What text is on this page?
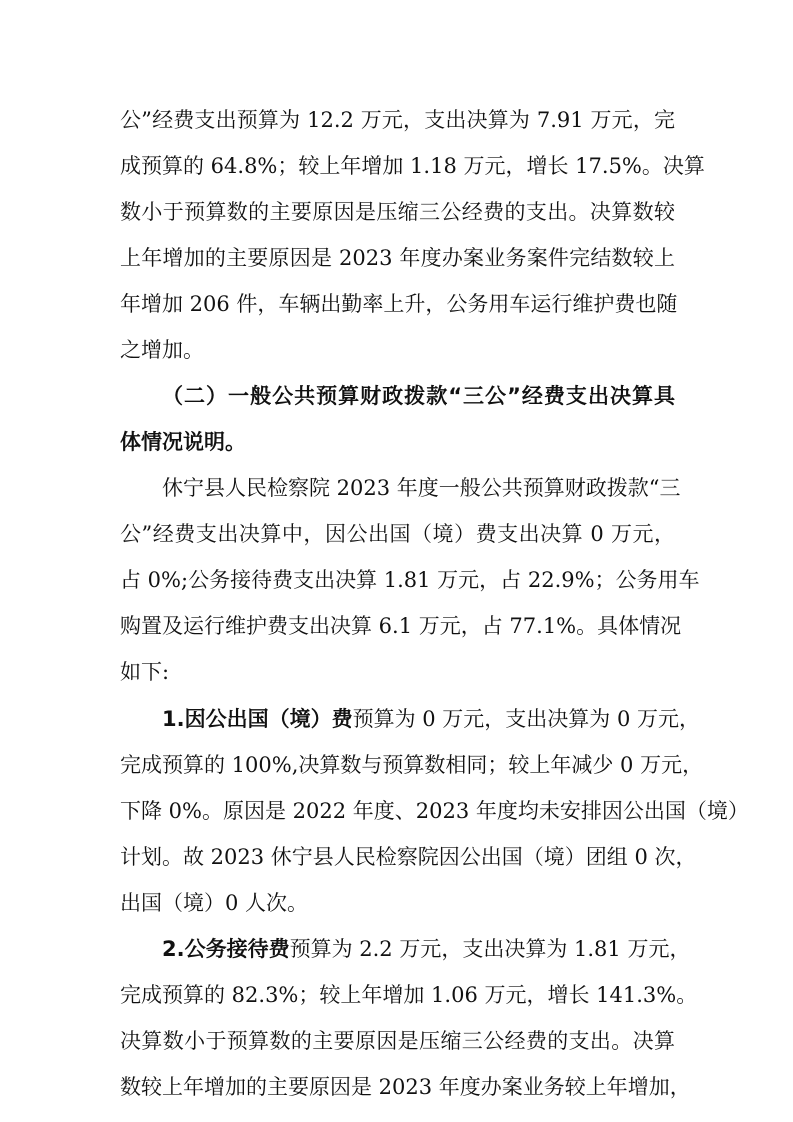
公”经费支出预算为 12.2 万元，支出决算为 7.91 万元，完
成预算的 64.8%；较上年增加 1.18 万元，增长 17.5%。决算
数小于预算数的主要原因是压缩三公经费的支出。决算数较
上年增加的主要原因是 2023 年度办案业务案件完结数较上
年增加 206 件，车辆出勤率上升，公务用车运行维护费也随
之增加。
（二）一般公共预算财政拨款“三公”经费支出决算具
体情况说明。
休宁县人民检察院 2023 年度一般公共预算财政拨款“三
公”经费支出决算中，因公出国（境）费支出决算 0 万元，
占 0%;公务接待费支出决算 1.81 万元，占 22.9%；公务用车
购置及运行维护费支出决算 6.1 万元，占 77.1%。具体情况
如下:
1.因公出国（境）费预算为 0 万元，支出决算为 0 万元，
完成预算的 100%,决算数与预算数相同；较上年减少 0 万元，
下降 0%。原因是 2022 年度、2023 年度均未安排因公出国（境）
计划。故 2023 休宁县人民检察院因公出国（境）团组 0 次，
出国（境）0 人次。
2.公务接待费预算为 2.2 万元，支出决算为 1.81 万元，
完成预算的 82.3%；较上年增加 1.06 万元，增长 141.3%。
决算数小于预算数的主要原因是压缩三公经费的支出。决算
数较上年增加的主要原因是 2023 年度办案业务较上年增加，
